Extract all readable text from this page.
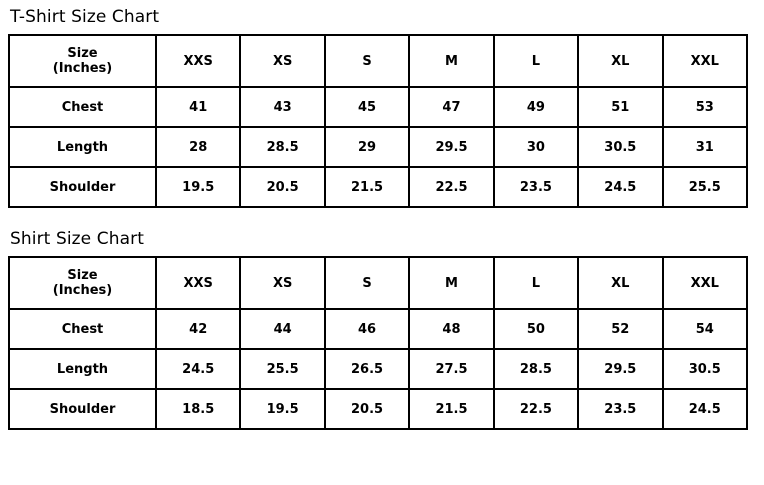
T-Shirt Size Chart
Size
(Inches)	XXS	XS	S	M	L	XL	XXL
Chest	41	43	45	47	49	51	53
Length	28	28.5	29	29.5	30	30.5	31
Shoulder	19.5	20.5	21.5	22.5	23.5	24.5	25.5
Shirt Size Chart
Size
(Inches)	XXS	XS	S	M	L	XL	XXL
Chest	42	44	46	48	50	52	54
Length	24.5	25.5	26.5	27.5	28.5	29.5	30.5
Shoulder	18.5	19.5	20.5	21.5	22.5	23.5	24.5
